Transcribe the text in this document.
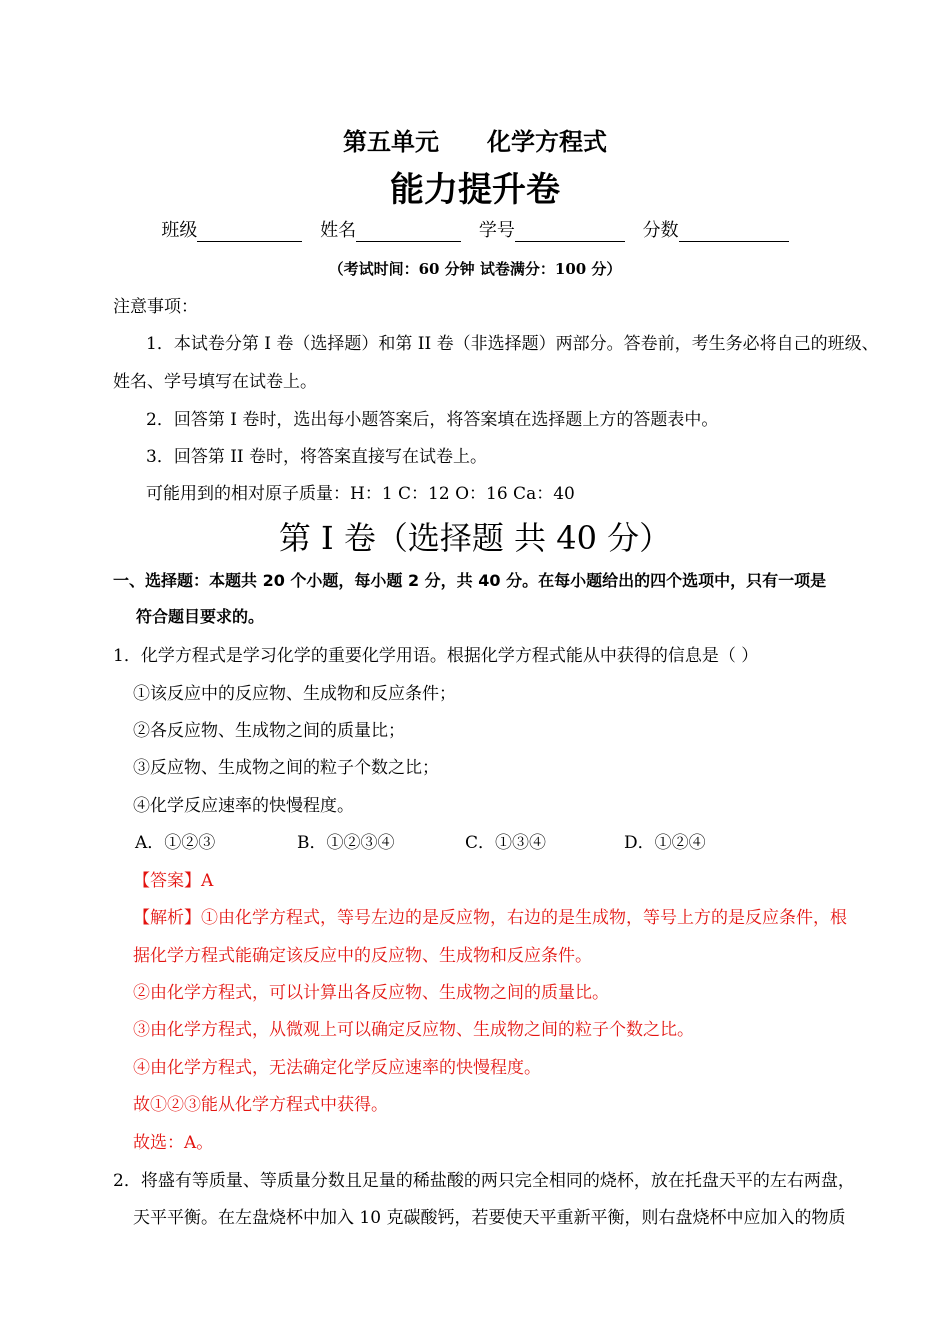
第五单元 化学方程式
能力提升卷
班级	姓名	学号	分数
（考试时间：60 分钟 试卷满分：100 分）
注意事项：
1．本试卷分第 I 卷（选择题）和第 II 卷（非选择题）两部分。答卷前，考生务必将自己的班级、
姓名、学号填写在试卷上。
2．回答第 I 卷时，选出每小题答案后，将答案填在选择题上方的答题表中。
3．回答第 II 卷时，将答案直接写在试卷上。
可能用到的相对原子质量：H：1 C：12 O：16 Ca：40
第 I 卷（选择题 共 40 分）
一、选择题：本题共 20 个小题，每小题 2 分，共 40 分。在每小题给出的四个选项中，只有一项是
符合题目要求的。
1．化学方程式是学习化学的重要化学用语。根据化学方程式能从中获得的信息是（ ）
①该反应中的反应物、生成物和反应条件；
②各反应物、生成物之间的质量比；
③反应物、生成物之间的粒子个数之比；
④化学反应速率的快慢程度。
A．①②③	B．①②③④	C．①③④	D．①②④
【答案】A
【解析】①由化学方程式，等号左边的是反应物，右边的是生成物，等号上方的是反应条件，根
据化学方程式能确定该反应中的反应物、生成物和反应条件。
②由化学方程式，可以计算出各反应物、生成物之间的质量比。
③由化学方程式，从微观上可以确定反应物、生成物之间的粒子个数之比。
④由化学方程式，无法确定化学反应速率的快慢程度。
故①②③能从化学方程式中获得。
故选：A。
2．将盛有等质量、等质量分数且足量的稀盐酸的两只完全相同的烧杯，放在托盘天平的左右两盘，
天平平衡。在左盘烧杯中加入 10 克碳酸钙，若要使天平重新平衡，则右盘烧杯中应加入的物质
